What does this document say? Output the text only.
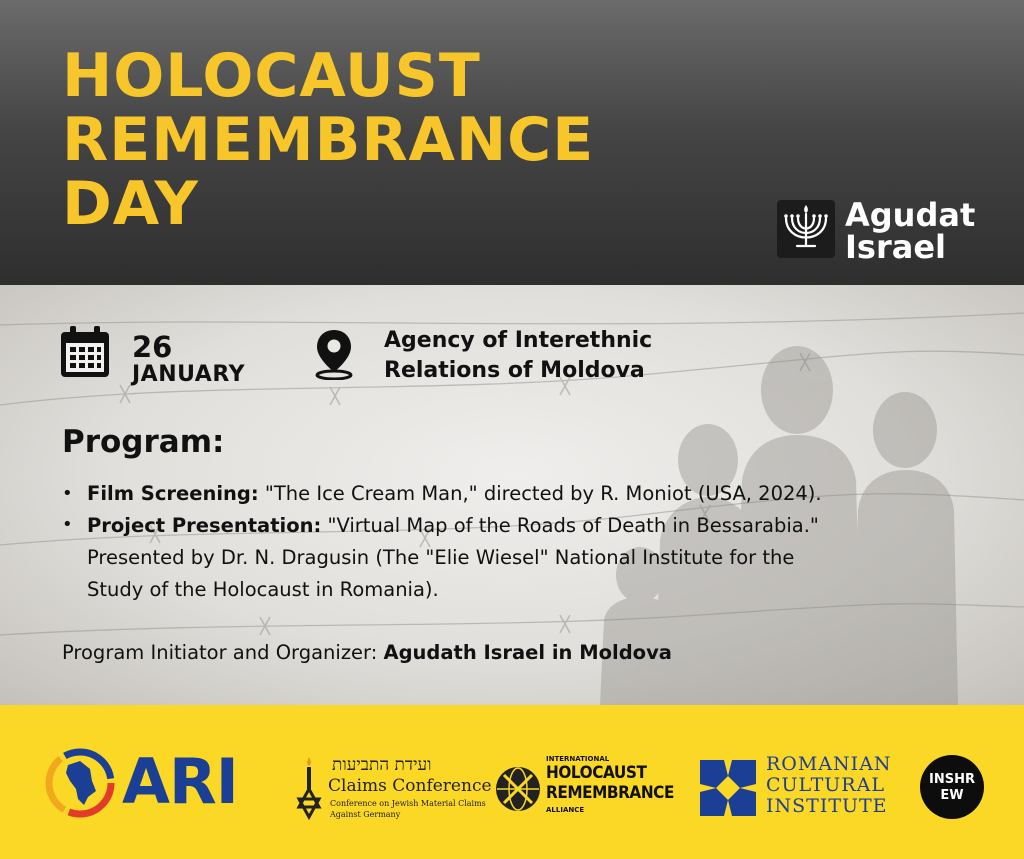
HOLOCAUST
REMEMBRANCE
DAY	Agudat
Israel
26
JANUARY
Agency of Interethnic
Relations of Moldova
Program:
• Film Screening: "The Ice Cream Man," directed by R. Moniot (USA, 2024).
• Project Presentation: "Virtual Map of the Roads of Death in Bessarabia."
Presented by Dr. N. Dragusin (The "Elie Wiesel" National Institute for the
Study of the Holocaust in Romania).
Program Initiator and Organizer: Agudath Israel in Moldova
ARI	ועידת התביעות
Claims Conference
Conference on Jewish Material Claims
Against Germany
INTERNATIONAL
HOLOCAUST
REMEMBRANCE
ALLIANCE
ROMANIAN
CULTURAL
INSTITUTE
INSHR
EW
